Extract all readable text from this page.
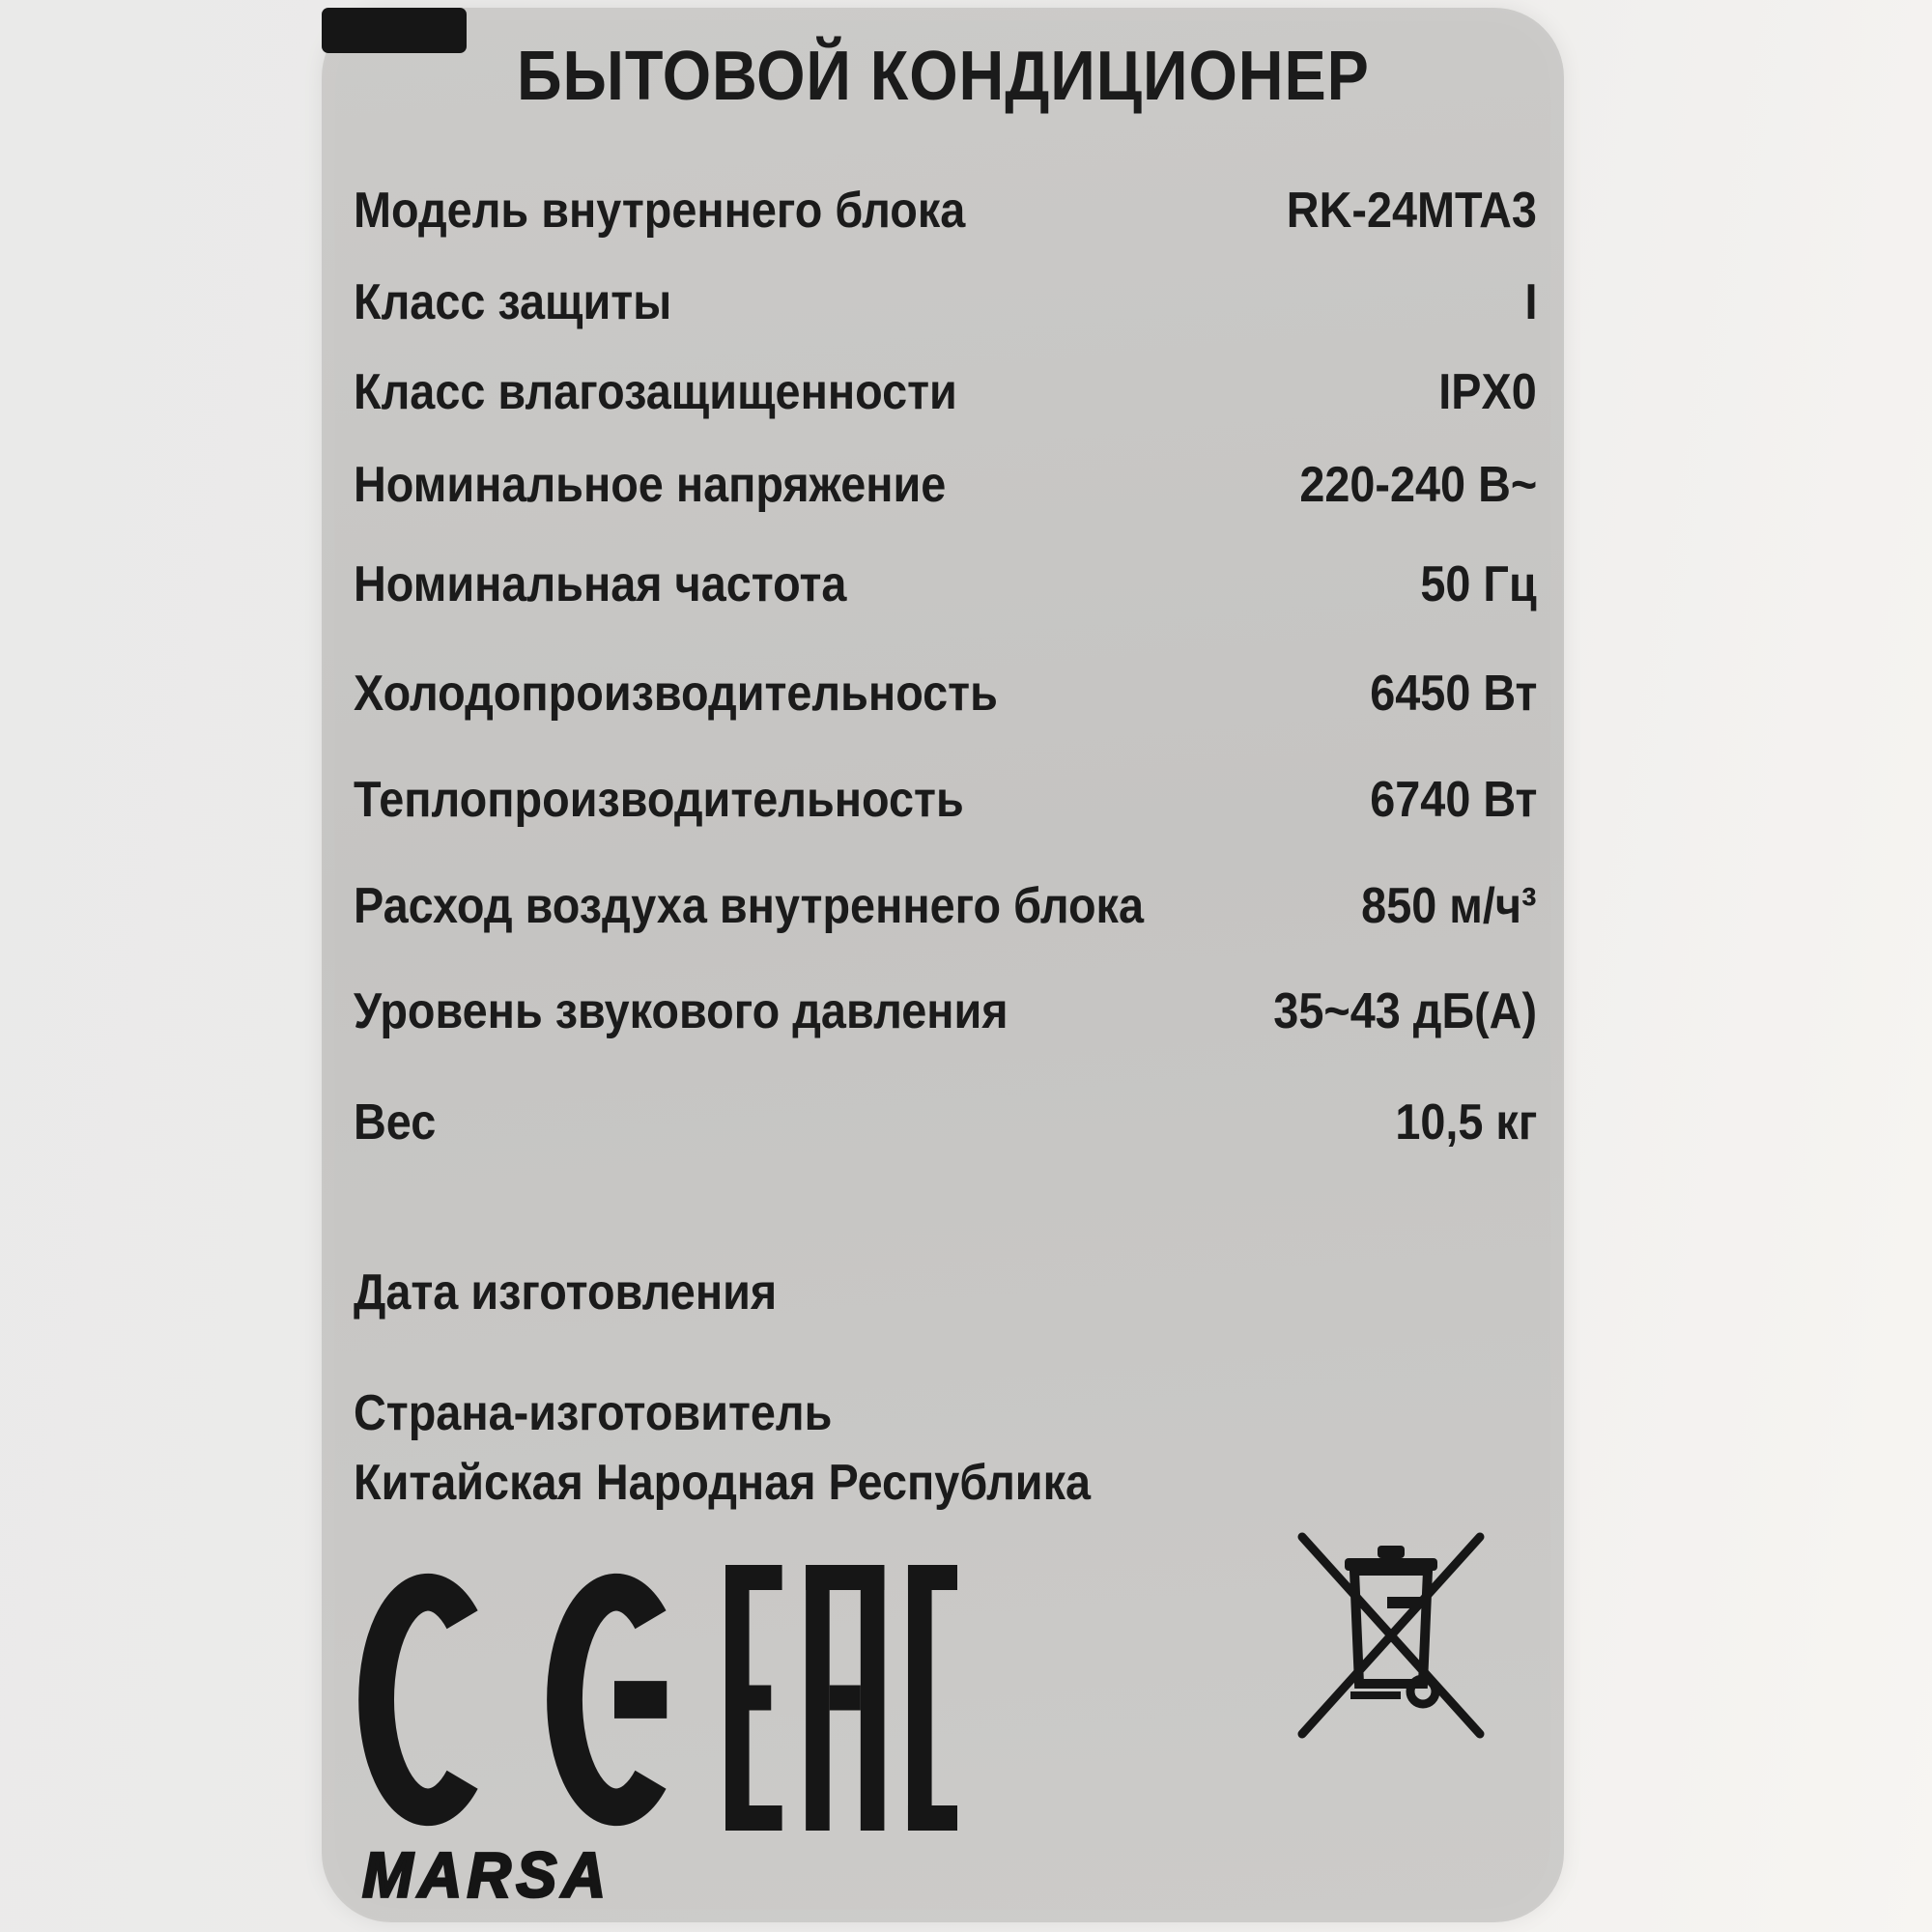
БЫТОВОЙ КОНДИЦИОНЕР
Модель внутреннего блока	RK-24MTA3
Класс защиты	I
Класс влагозащищенности	IPX0
Номинальное напряжение	220-240 В~
Номинальная частота	50 Гц
Холодопроизводительность	6450 Вт
Теплопроизводительность	6740 Вт
Расход воздуха внутреннего блока	850 м/ч³
Уровень звукового давления	35~43 дБ(А)
Вес	10,5 кг
Дата изготовления
Страна-изготовитель
Китайская Народная Республика
MARSA
